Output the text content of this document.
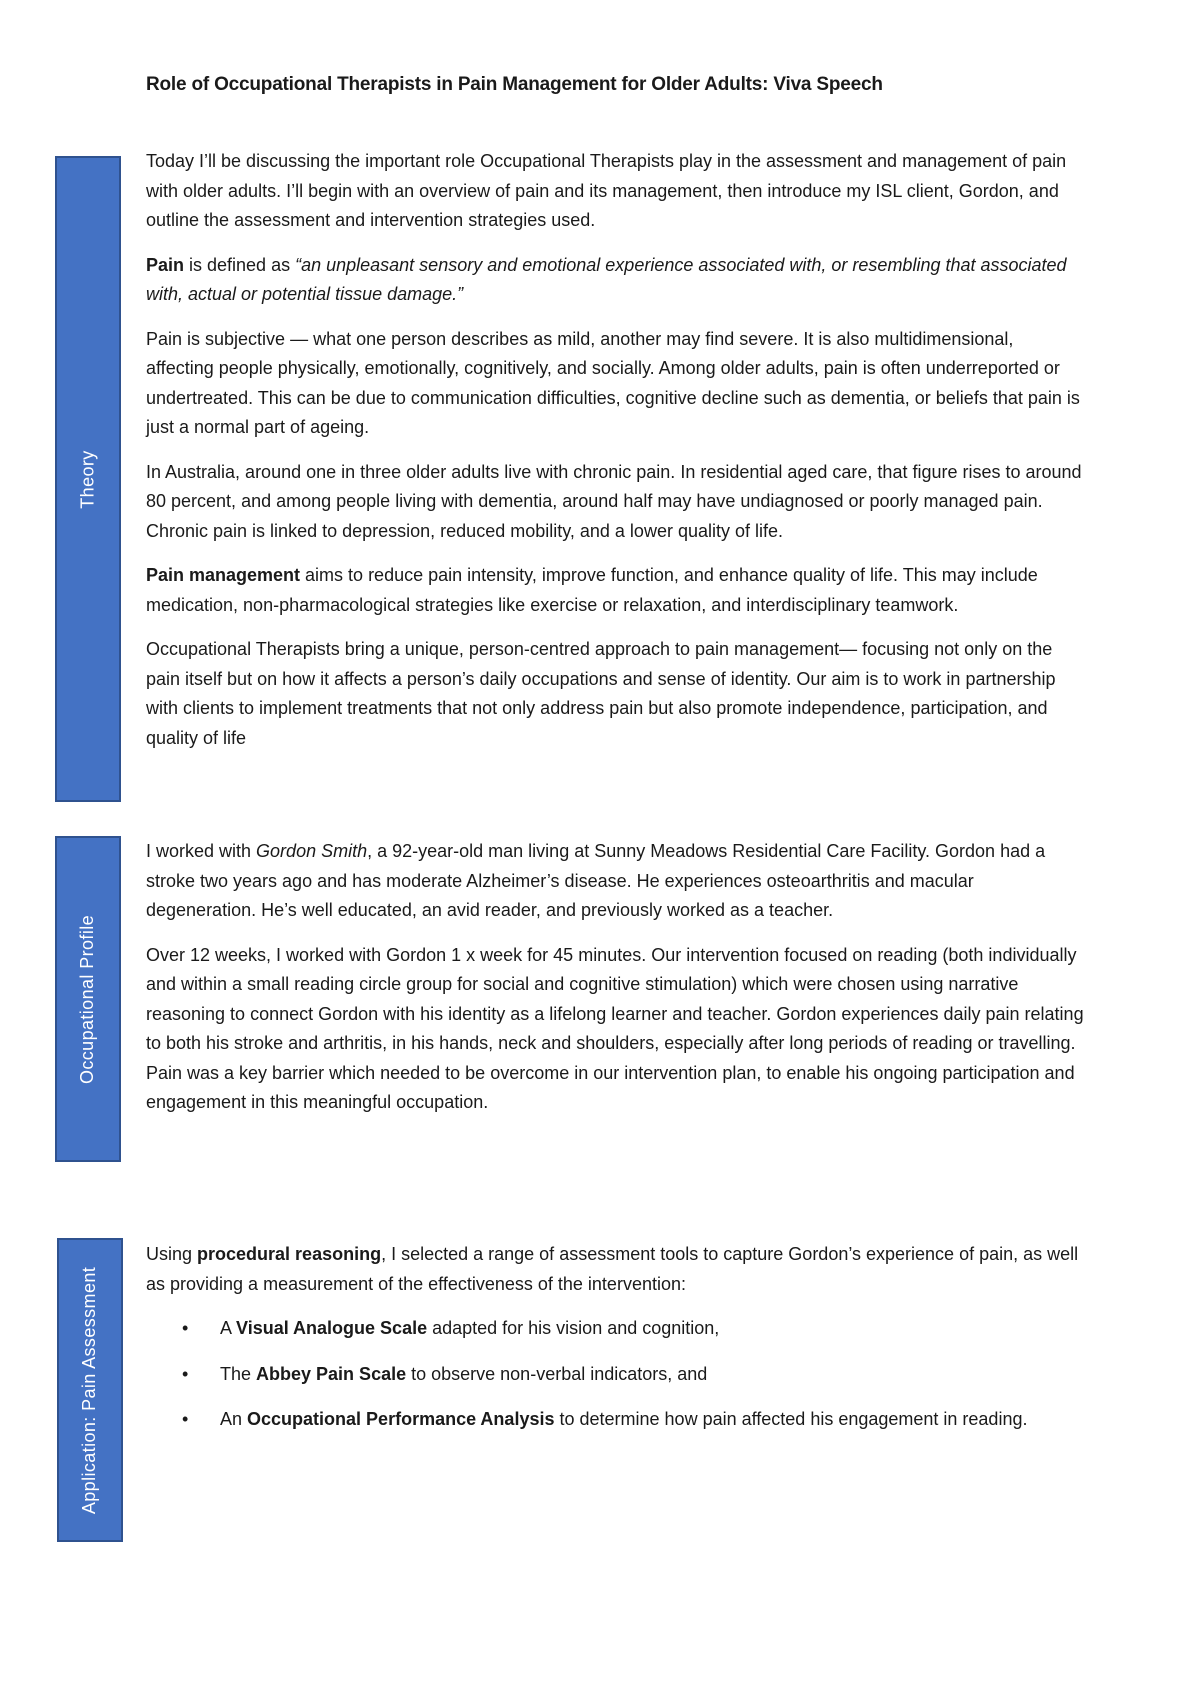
Role of Occupational Therapists in Pain Management for Older Adults: Viva Speech
Theory
Occupational Profile
Application: Pain Assessment

Today I’ll be discussing the important role Occupational Therapists play in the assessment and management of pain with older adults. I’ll begin with an overview of pain and its management, then introduce my ISL client, Gordon, and outline the assessment and intervention strategies used.

Pain is defined as “an unpleasant sensory and emotional experience associated with, or resembling that associated with, actual or potential tissue damage.”

Pain is subjective — what one person describes as mild, another may find severe. It is also multidimensional, affecting people physically, emotionally, cognitively, and socially. Among older adults, pain is often underreported or undertreated. This can be due to communication difficulties, cognitive decline such as dementia, or beliefs that pain is just a normal part of ageing.

In Australia, around one in three older adults live with chronic pain. In residential aged care, that figure rises to around 80 percent, and among people living with dementia, around half may have undiagnosed or poorly managed pain. Chronic pain is linked to depression, reduced mobility, and a lower quality of life.

Pain management aims to reduce pain intensity, improve function, and enhance quality of life. This may include medication, non-pharmacological strategies like exercise or relaxation, and interdisciplinary teamwork.

Occupational Therapists bring a unique, person-centred approach to pain management— focusing not only on the pain itself but on how it affects a person’s daily occupations and sense of identity. Our aim is to work in partnership with clients to implement treatments that not only address pain but also promote independence, participation, and quality of life

I worked with Gordon Smith, a 92-year-old man living at Sunny Meadows Residential Care Facility. Gordon had a stroke two years ago and has moderate Alzheimer’s disease. He experiences osteoarthritis and macular degeneration. He’s well educated, an avid reader, and previously worked as a teacher.

Over 12 weeks, I worked with Gordon 1 x week for 45 minutes. Our intervention focused on reading (both individually and within a small reading circle group for social and cognitive stimulation) which were chosen using narrative reasoning to connect Gordon with his identity as a lifelong learner and teacher. Gordon experiences daily pain relating to both his stroke and arthritis, in his hands, neck and shoulders, especially after long periods of reading or travelling. Pain was a key barrier which needed to be overcome in our intervention plan, to enable his ongoing participation and engagement in this meaningful occupation.

Using procedural reasoning, I selected a range of assessment tools to capture Gordon’s experience of pain, as well as providing a measurement of the effectiveness of the intervention:

• A Visual Analogue Scale adapted for his vision and cognition,
• The Abbey Pain Scale to observe non-verbal indicators, and
• An Occupational Performance Analysis to determine how pain affected his engagement in reading.
